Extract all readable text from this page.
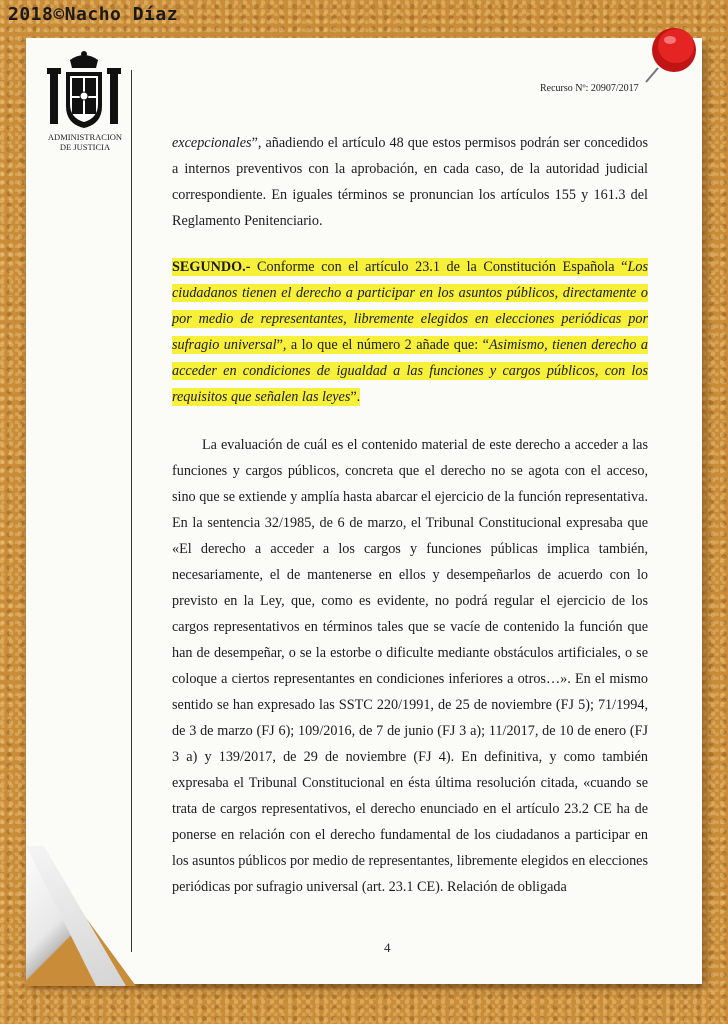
2018©Nacho Díaz
ADMINISTRACION
DE JUSTICIA
Recurso Nº: 20907/2017

excepcionales”, añadiendo el artículo 48 que estos permisos podrán ser concedidos a internos preventivos con la aprobación, en cada caso, de la autoridad judicial correspondiente. En iguales términos se pronuncian los artículos 155 y 161.3 del Reglamento Penitenciario.

SEGUNDO.- Conforme con el artículo 23.1 de la Constitución Española “Los ciudadanos tienen el derecho a participar en los asuntos públicos, directamente o por medio de representantes, libremente elegidos en elecciones periódicas por sufragio universal”, a lo que el número 2 añade que: “Asimismo, tienen derecho a acceder en condiciones de igualdad a las funciones y cargos públicos, con los requisitos que señalen las leyes”.

La evaluación de cuál es el contenido material de este derecho a acceder a las funciones y cargos públicos, concreta que el derecho no se agota con el acceso, sino que se extiende y amplía hasta abarcar el ejercicio de la función representativa. En la sentencia 32/1985, de 6 de marzo, el Tribunal Constitucional expresaba que «El derecho a acceder a los cargos y funciones públicas implica también, necesariamente, el de mantenerse en ellos y desempeñarlos de acuerdo con lo previsto en la Ley, que, como es evidente, no podrá regular el ejercicio de los cargos representativos en términos tales que se vacíe de contenido la función que han de desempeñar, o se la estorbe o dificulte mediante obstáculos artificiales, o se coloque a ciertos representantes en condiciones inferiores a otros…». En el mismo sentido se han expresado las SSTC 220/1991, de 25 de noviembre (FJ 5); 71/1994, de 3 de marzo (FJ 6); 109/2016, de 7 de junio (FJ 3 a); 11/2017, de 10 de enero (FJ 3 a) y 139/2017, de 29 de noviembre (FJ 4). En definitiva, y como también expresaba el Tribunal Constitucional en ésta última resolución citada, «cuando se trata de cargos representativos, el derecho enunciado en el artículo 23.2 CE ha de ponerse en relación con el derecho fundamental de los ciudadanos a participar en los asuntos públicos por medio de representantes, libremente elegidos en elecciones periódicas por sufragio universal (art. 23.1 CE). Relación de obligada

4
